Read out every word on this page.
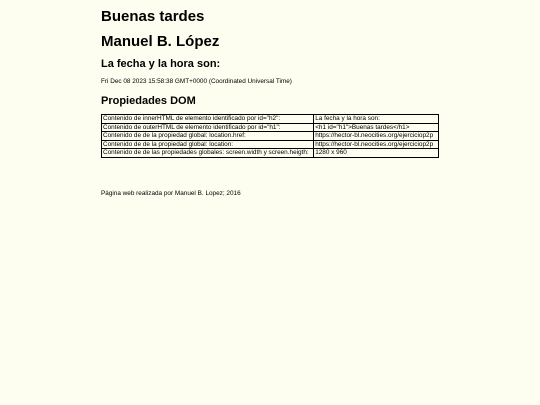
Buenas tardes
Manuel B. López
La fecha y la hora son:
Fri Dec 08 2023 15:58:38 GMT+0000 (Coordinated Universal Time)
Propiedades DOM
Contenido de innerHTML de elemento identificado por id="h2":	La fecha y la hora son:
Contenido de outerHTML de elemento identificado por id="h1":	<h1 id="h1">Buenas tardes</h1>
Contenido de de la propiedad global: location.href:	https://hector-bl.neocities.org/ejerciciop2p
Contenido de de la propiedad global: location:	https://hector-bl.neocities.org/ejerciciop2p
Contenido de de las propiedades globales: screen.width y screen.heigth:	1280 x 960
Página web realizada por Manuel B. Lopez; 2016
